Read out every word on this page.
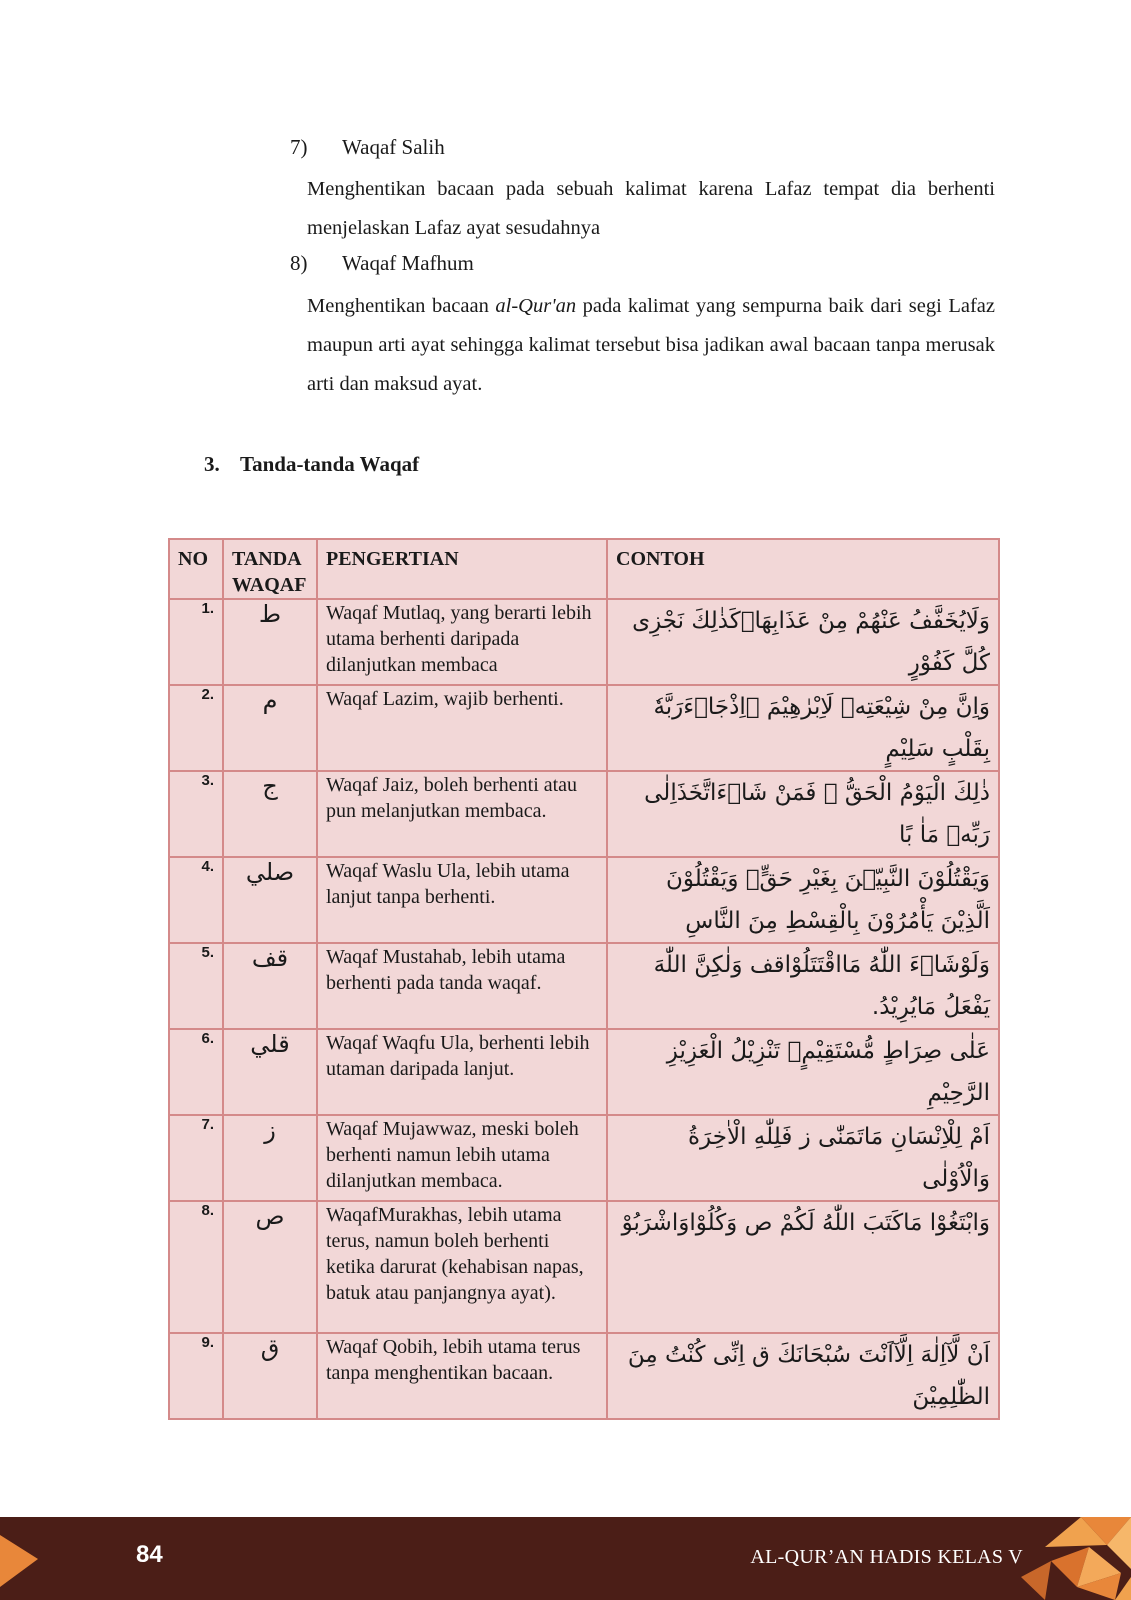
7)	Waqaf Salih
Menghentikan bacaan pada sebuah kalimat karena Lafaz tempat dia berhenti menjelaskan Lafaz ayat sesudahnya
8)	Waqaf Mafhum
Menghentikan bacaan al-Qur'an pada kalimat yang sempurna baik dari segi Lafaz maupun arti ayat sehingga kalimat tersebut bisa jadikan awal bacaan tanpa merusak arti dan maksud ayat.
3. Tanda-tanda Waqaf
NO	TANDA WAQAF	PENGERTIAN	CONTOH
1.	ط	Waqaf Mutlaq, yang berarti lebih utama berhenti daripada dilanjutkan membaca	وَلَايُخَفَّفُ عَنْهُمْ مِنْ عَذَابِهَاۗكَذٰلِكَ نَجْزِى كُلَّ كَفُوْرٍ
2.	م	Waqaf Lazim, wajib berhenti.	وَاِنَّ مِنْ شِيْعَتِهٖ لَاِبْرٰهِيْمَ ۘاِذْجَاۤءَرَبَّهٗ بِقَلْبٍ سَلِيْمٍ
3.	ج	Waqaf Jaiz, boleh berhenti atau pun melanjutkan membaca.	ذٰلِكَ الْيَوْمُ الْحَقُّ ۚ فَمَنْ شَاۤءَاتَّخَذَاِلٰى رَبِّهٖ مَاٰ بًا
4.	صلي	Waqaf Waslu Ula, lebih utama lanjut tanpa berhenti.	وَيَقْتُلُوْنَ النَّبِيّٖنَ بِغَيْرِ حَقٍّۖ وَيَقْتُلُوْنَ اَلَّذِيْنَ يَأْمُرُوْنَ بِالْقِسْطِ مِنَ النَّاسِ
5.	قف	Waqaf Mustahab, lebih utama berhenti pada tanda waqaf.	وَلَوْشَاۤءَ اللّٰهُ مَااقْتَتَلُوْاقف وَلٰكِنَّ اللّٰهَ يَفْعَلُ مَايُرِيْدُ.
6.	قلي	Waqaf Waqfu Ula, berhenti lebih utaman daripada lanjut.	عَلٰى صِرَاطٍ مُّسْتَقِيْمٍۗ تَنْزِيْلُ الْعَزِيْزِ الرَّحِيْمِ
7.	ز	Waqaf Mujawwaz, meski boleh berhenti namun lebih utama dilanjutkan membaca.	اَمْ لِلْاِنْسَانِ مَاتَمَنّٰى ز فَلِلّٰهِ الْاٰخِرَةُ وَالْاُوْلٰى
8.	ص	WaqafMurakhas, lebih utama terus, namun boleh berhenti ketika darurat (kehabisan napas, batuk atau panjangnya ayat).	وَابْتَغُوْا مَاكَتَبَ اللّٰهُ لَكُمْ ص وَكُلُوْاوَاشْرَبُوْ
9.	ق	Waqaf Qobih, lebih utama terus tanpa menghentikan bacaan.	اَنْ لَّآاِلٰهَ اِلَّآاَنْتَ سُبْحَانَكَ ق اِنِّى كُنْتُ مِنَ الظّٰلِمِيْنَ
84	AL-QUR’AN HADIS KELAS V
